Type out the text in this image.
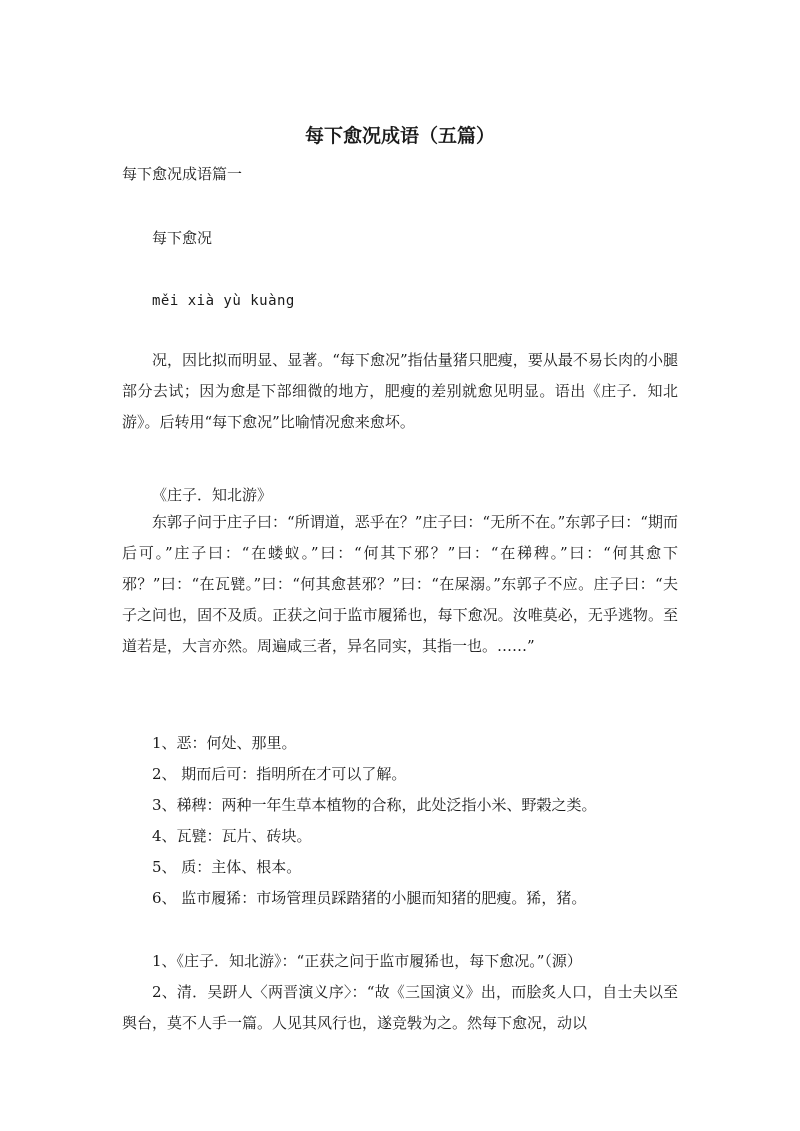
每下愈况成语（五篇）

每下愈况成语篇一

每下愈况

měi xià yù kuàng

况，因比拟而明显、显著。“每下愈况”指估量猪只肥瘦，要从最不易长肉的小腿部分去试；因为愈是下部细微的地方，肥瘦的差别就愈见明显。语出《庄子．知北游》。后转用“每下愈况”比喻情况愈来愈坏。

《庄子．知北游》

东郭子问于庄子曰：“所谓道，恶乎在？”庄子曰：“无所不在。”东郭子曰：“期而后可。”庄子曰：“在蝼蚁。”曰：“何其下邪？”曰：“在稊稗。”曰：“何其愈下邪？”曰：“在瓦甓。”曰：“何其愈甚邪？”曰：“在屎溺。”东郭子不应。庄子曰：“夫子之问也，固不及质。正获之问于监市履狶也，每下愈况。汝唯莫必，无乎逃物。至道若是，大言亦然。周遍咸三者，异名同实，其指一也。……”

1、恶：何处、那里。

2、 期而后可：指明所在才可以了解。

3、稊稗：两种一年生草本植物的合称，此处泛指小米、野榖之类。

4、瓦甓：瓦片、砖块。

5、 质：主体、根本。

6、 监市履狶：市场管理员踩踏猪的小腿而知猪的肥瘦。狶，猪。

1、《庄子．知北游》：“正获之问于监市履狶也，每下愈况。”（源）

2、清．吴趼人〈两晋演义序〉：“故《三国演义》出，而脍炙人口，自士夫以至舆台，莫不人手一篇。人见其风行也，遂竞斅为之。然每下愈况，动以
